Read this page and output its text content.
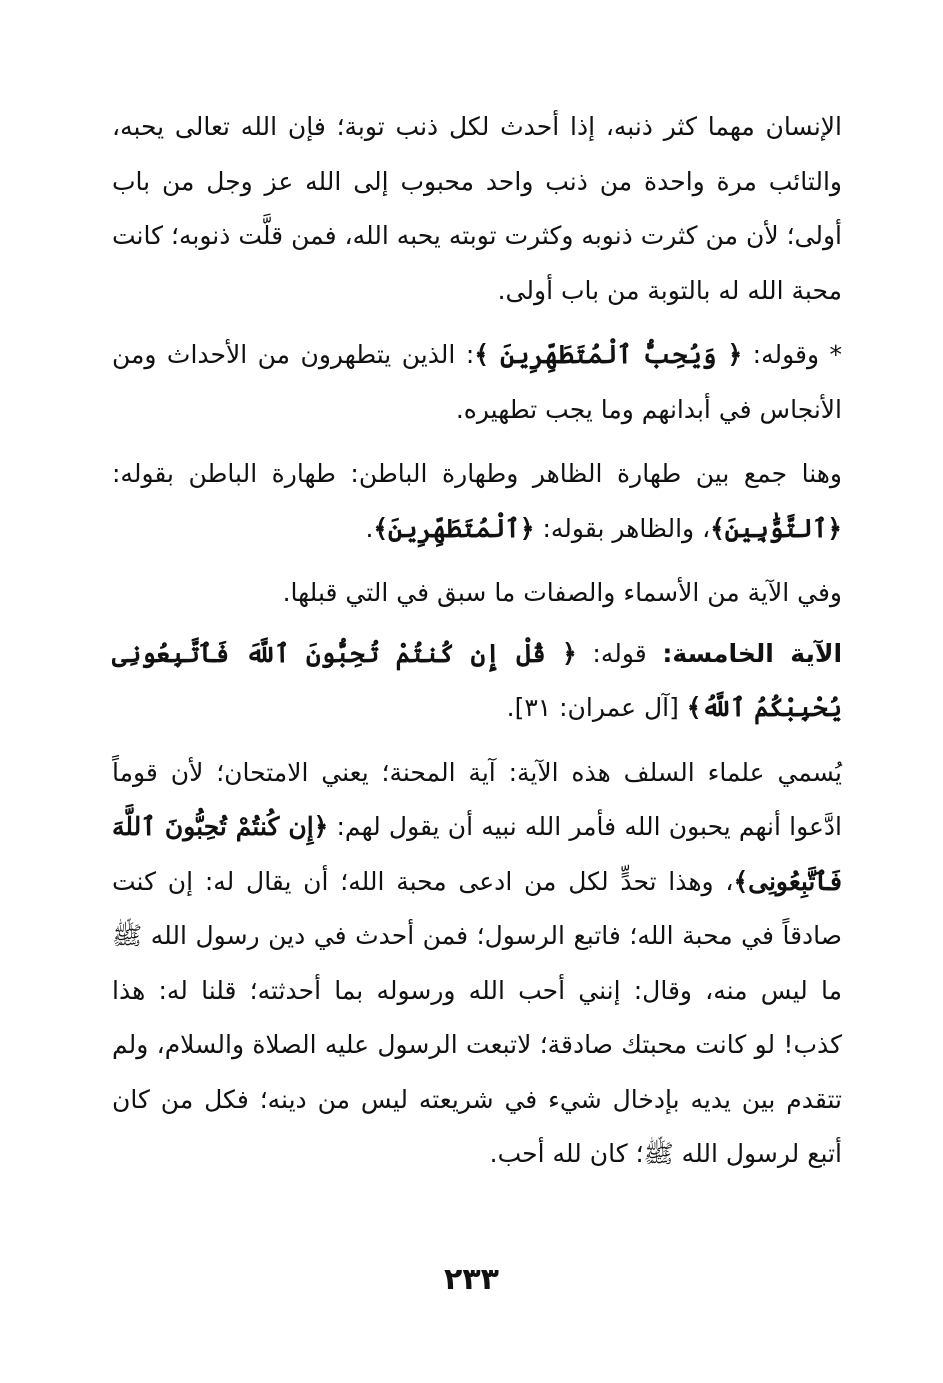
الإنسان مهما كثر ذنبه، إذا أحدث لكل ذنب توبة؛ فإن الله تعالى يحبه، والتائب مرة واحدة من ذنب واحد محبوب إلى الله عز وجل من باب أولى؛ لأن من كثرت ذنوبه وكثرت توبته يحبه الله، فمن قلَّت ذنوبه؛ كانت محبة الله له بالتوبة من باب أولى.

* وقوله: ﴿ وَيُحِبُّ ٱلْمُتَطَهِّرِينَ ﴾: الذين يتطهرون من الأحداث ومن الأنجاس في أبدانهم وما يجب تطهيره.

وهنا جمع بين طهارة الظاهر وطهارة الباطن: طهارة الباطن بقوله: ﴿ٱلتَّوَّٰبِينَ﴾، والظاهر بقوله: ﴿ٱلْمُتَطَهِّرِينَ﴾.

وفي الآية من الأسماء والصفات ما سبق في التي قبلها.

الآية الخامسة: قوله: ﴿ قُلْ إِن كُنتُمْ تُحِبُّونَ ٱللَّهَ فَٱتَّبِعُونِى يُحْبِبْكُمُ ٱللَّهُ﴾ [آل عمران: ٣١].

يُسمي علماء السلف هذه الآية: آية المحنة؛ يعني الامتحان؛ لأن قوماً ادَّعوا أنهم يحبون الله فأمر الله نبيه أن يقول لهم: ﴿إِن كُنتُمْ تُحِبُّونَ ٱللَّهَ فَٱتَّبِعُونِى﴾، وهذا تحدٍّ لكل من ادعى محبة الله؛ أن يقال له: إن كنت صادقاً في محبة الله؛ فاتبع الرسول؛ فمن أحدث في دين رسول الله ﷺ ما ليس منه، وقال: إنني أحب الله ورسوله بما أحدثته؛ قلنا له: هذا كذب! لو كانت محبتك صادقة؛ لاتبعت الرسول عليه الصلاة والسلام، ولم تتقدم بين يديه بإدخال شيء في شريعته ليس من دينه؛ فكل من كان أتبع لرسول الله ﷺ؛ كان لله أحب.

٢٣٣
